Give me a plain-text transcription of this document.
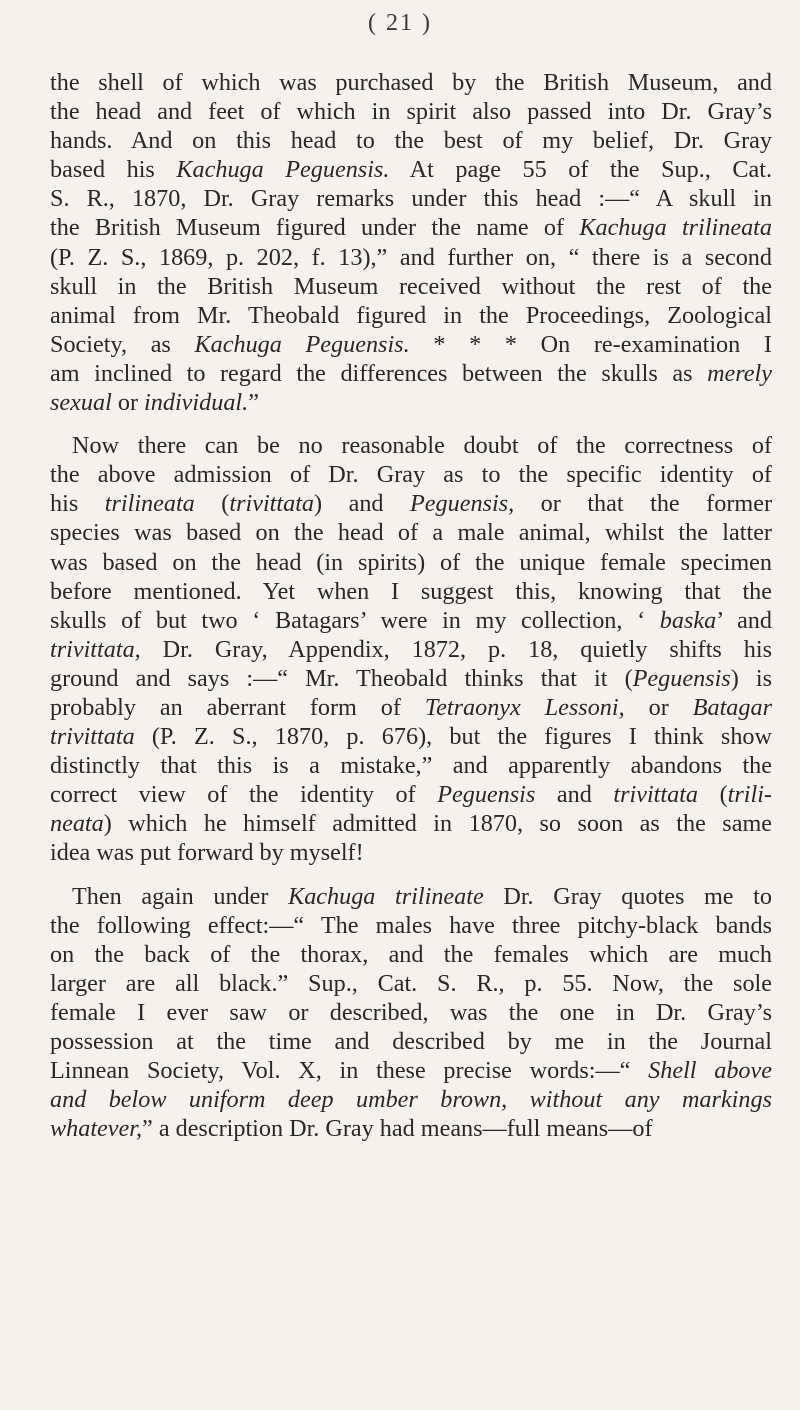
( 21 )
the shell of which was purchased by the British Museum, and
the head and feet of which in spirit also passed into Dr. Gray’s
hands. And on this head to the best of my belief, Dr. Gray
based his Kachuga Peguensis. At page 55 of the Sup., Cat.
S. R., 1870, Dr. Gray remarks under this head :—“ A skull in
the British Museum figured under the name of Kachuga trilineata
(P. Z. S., 1869, p. 202, f. 13),” and further on, “ there is a second
skull in the British Museum received without the rest of the
animal from Mr. Theobald figured in the Proceedings, Zoological
Society, as Kachuga Peguensis. * * * On re-examination I
am inclined to regard the differences between the skulls as merely
sexual or individual.”
Now there can be no reasonable doubt of the correctness of
the above admission of Dr. Gray as to the specific identity of
his trilineata (trivittata) and Peguensis, or that the former
species was based on the head of a male animal, whilst the latter
was based on the head (in spirits) of the unique female specimen
before mentioned. Yet when I suggest this, knowing that the
skulls of but two ‘ Batagars’ were in my collection, ‘ baska’ and
trivittata, Dr. Gray, Appendix, 1872, p. 18, quietly shifts his
ground and says :—“ Mr. Theobald thinks that it (Peguensis) is
probably an aberrant form of Tetraonyx Lessoni, or Batagar
trivittata (P. Z. S., 1870, p. 676), but the figures I think show
distinctly that this is a mistake,” and apparently abandons the
correct view of the identity of Peguensis and trivittata (trili-
neata) which he himself admitted in 1870, so soon as the same
idea was put forward by myself!
Then again under Kachuga trilineate Dr. Gray quotes me to
the following effect:—“ The males have three pitchy-black bands
on the back of the thorax, and the females which are much
larger are all black.” Sup., Cat. S. R., p. 55. Now, the sole
female I ever saw or described, was the one in Dr. Gray’s
possession at the time and described by me in the Journal
Linnean Society, Vol. X, in these precise words:—“ Shell above
and below uniform deep umber brown, without any markings
whatever,” a description Dr. Gray had means—full means—of
